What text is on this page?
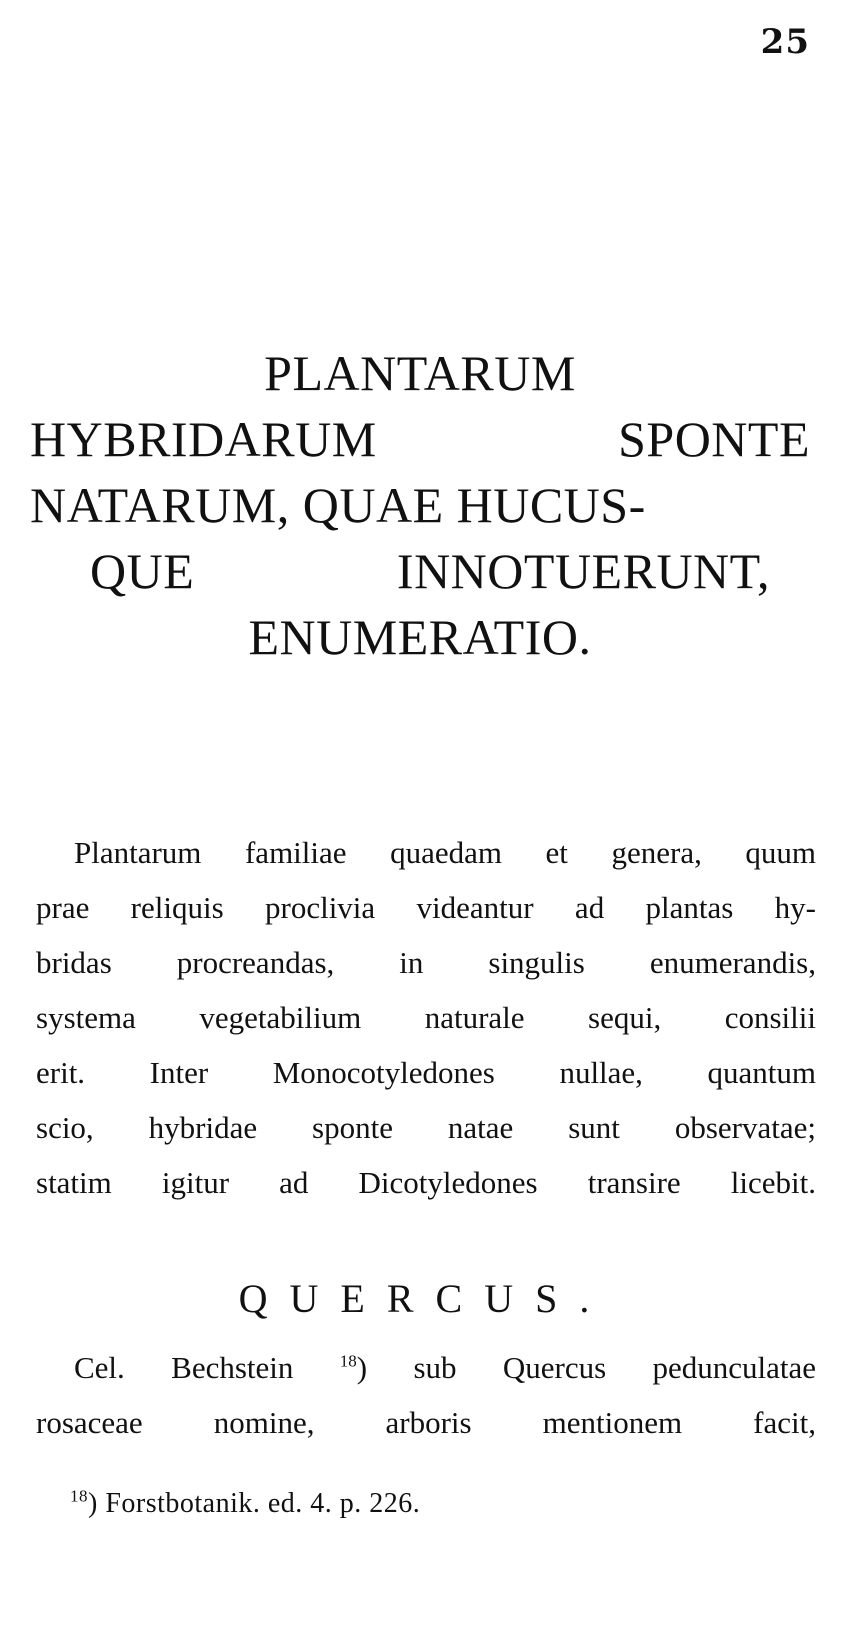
25
PLANTARUM
HYBRIDARUM	SPONTE
NATARUM, QUAE HUCUS-
QUE	INNOTUERUNT,
ENUMERATIO.
Plantarum familiae quaedam et genera, quum
prae reliquis proclivia videantur ad plantas hy-
bridas procreandas, in singulis enumerandis,
systema vegetabilium naturale sequi, consilii
erit. Inter Monocotyledones nullae, quantum
scio, hybridae sponte natae sunt observatae;
statim igitur ad Dicotyledones transire licebit.
QUERCUS.
Cel. Bechstein	$^{18}$) sub Quercus pedunculatae
rosaceae nomine, arboris mentionem facit,
$^{18}$) Forstbotanik. ed. 4. p. 226.
